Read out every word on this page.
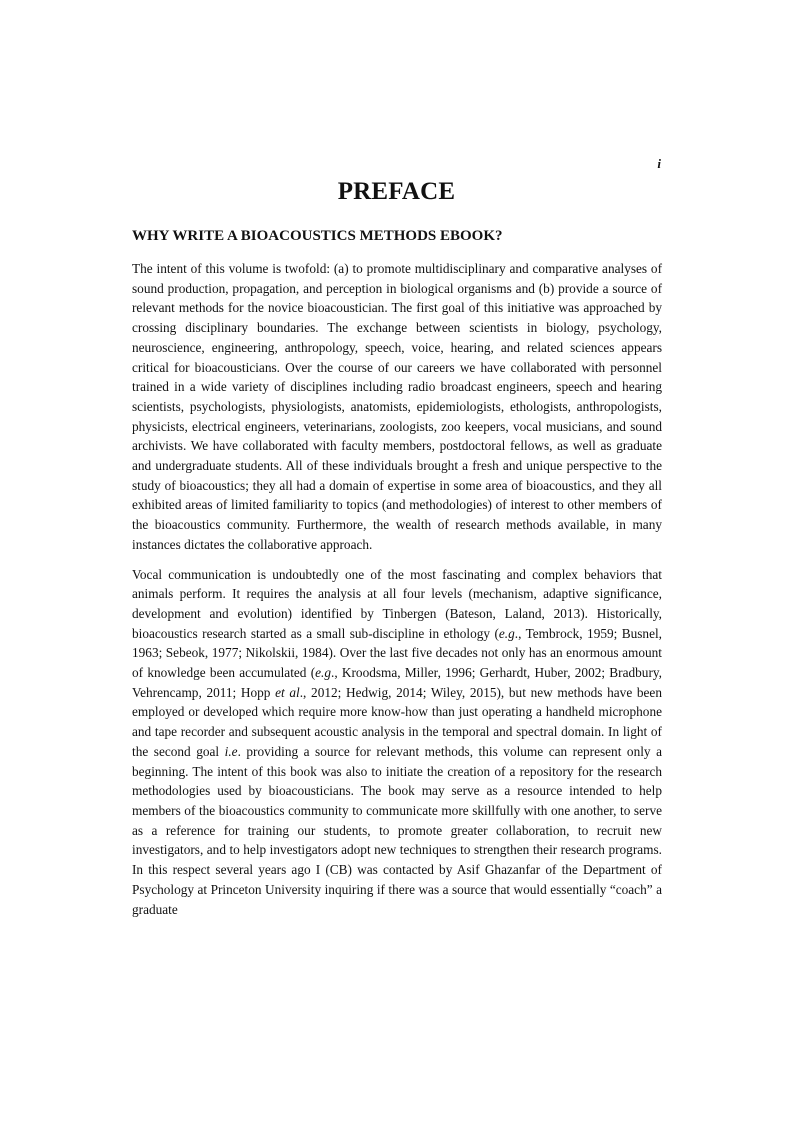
i
PREFACE
WHY WRITE A BIOACOUSTICS METHODS EBOOK?

The intent of this volume is twofold: (a) to promote multidisciplinary and comparative analyses of sound production, propagation, and perception in biological organisms and (b) provide a source of relevant methods for the novice bioacoustician. The first goal of this initiative was approached by crossing disciplinary boundaries. The exchange between scientists in biology, psychology, neuroscience, engineering, anthropology, speech, voice, hearing, and related sciences appears critical for bioacousticians. Over the course of our careers we have collaborated with personnel trained in a wide variety of disciplines including radio broadcast engineers, speech and hearing scientists, psychologists, physiologists, anatomists, epidemiologists, ethologists, anthropologists, physicists, electrical engineers, veterinarians, zoologists, zoo keepers, vocal musicians, and sound archivists. We have collaborated with faculty members, postdoctoral fellows, as well as graduate and undergraduate students. All of these individuals brought a fresh and unique perspective to the study of bioacoustics; they all had a domain of expertise in some area of bioacoustics, and they all exhibited areas of limited familiarity to topics (and methodologies) of interest to other members of the bioacoustics community. Furthermore, the wealth of research methods available, in many instances dictates the collaborative approach.

Vocal communication is undoubtedly one of the most fascinating and complex behaviors that animals perform. It requires the analysis at all four levels (mechanism, adaptive significance, development and evolution) identified by Tinbergen (Bateson, Laland, 2013). Historically, bioacoustics research started as a small sub-discipline in ethology (e.g., Tembrock, 1959; Busnel, 1963; Sebeok, 1977; Nikolskii, 1984). Over the last five decades not only has an enormous amount of knowledge been accumulated (e.g., Kroodsma, Miller, 1996; Gerhardt, Huber, 2002; Bradbury, Vehrencamp, 2011; Hopp et al., 2012; Hedwig, 2014; Wiley, 2015), but new methods have been employed or developed which require more know-how than just operating a handheld microphone and tape recorder and subsequent acoustic analysis in the temporal and spectral domain. In light of the second goal i.e. providing a source for relevant methods, this volume can represent only a beginning. The intent of this book was also to initiate the creation of a repository for the research methodologies used by bioacousticians. The book may serve as a resource intended to help members of the bioacoustics community to communicate more skillfully with one another, to serve as a reference for training our students, to promote greater collaboration, to recruit new investigators, and to help investigators adopt new techniques to strengthen their research programs. In this respect several years ago I (CB) was contacted by Asif Ghazanfar of the Department of Psychology at Princeton University inquiring if there was a source that would essentially “coach” a graduate
